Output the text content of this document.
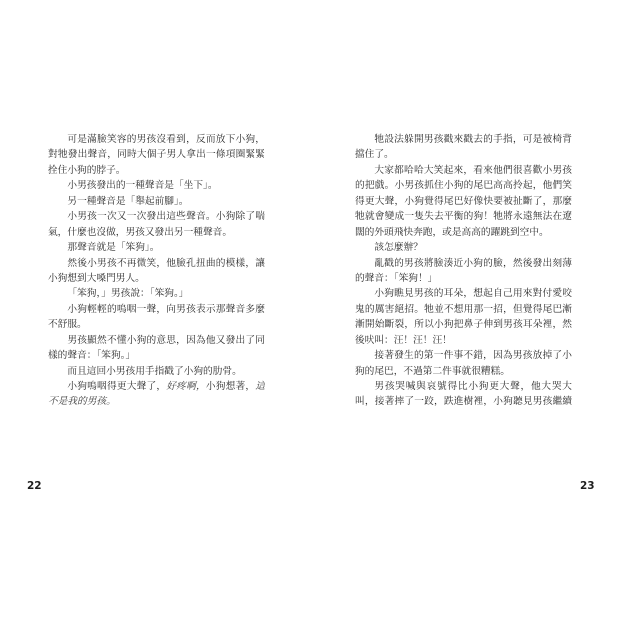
可是滿臉笑容的男孩沒看到，反而放下小狗，
對牠發出聲音，同時大個子男人拿出一條項圈緊緊
拴住小狗的脖子。
小男孩發出的一種聲音是「坐下」。
另一種聲音是「舉起前腳」。
小男孩一次又一次發出這些聲音。小狗除了喘
氣，什麼也沒做，男孩又發出另一種聲音。
那聲音就是「笨狗」。
然後小男孩不再微笑，他臉孔扭曲的模樣，讓
小狗想到大嗓門男人。
「笨狗，」男孩說：「笨狗。」
小狗輕輕的嗚咽一聲，向男孩表示那聲音多麼
不舒服。
男孩顯然不懂小狗的意思，因為他又發出了同
樣的聲音：「笨狗。」
而且這回小男孩用手指戳了小狗的肋骨。
小狗嗚咽得更大聲了，好疼啊，小狗想著，這
不是我的男孩。
22
牠設法躲開男孩戳來戳去的手指，可是被椅背
擋住了。
大家都哈哈大笑起來，看來他們很喜歡小男孩
的把戲。小男孩抓住小狗的尾巴高高拎起，他們笑
得更大聲，小狗覺得尾巴好像快要被扯斷了，那麼
牠就會變成一隻失去平衡的狗！牠將永遠無法在遼
闊的外頭飛快奔跑，或是高高的躍跳到空中。
該怎麼辦？
亂戳的男孩將臉湊近小狗的臉，然後發出刻薄
的聲音：「笨狗！」
小狗瞧見男孩的耳朵，想起自己用來對付愛咬
鬼的厲害絕招。牠並不想用那一招，但覺得尾巴漸
漸開始斷裂，所以小狗把鼻子伸到男孩耳朵裡，然
後吠叫：汪！汪！汪！
接著發生的第一件事不錯，因為男孩放掉了小
狗的尾巴，不過第二件事就很糟糕。
男孩哭喊與哀號得比小狗更大聲，他大哭大
叫，接著摔了一跤，跌進樹裡，小狗聽見男孩繼續
23
